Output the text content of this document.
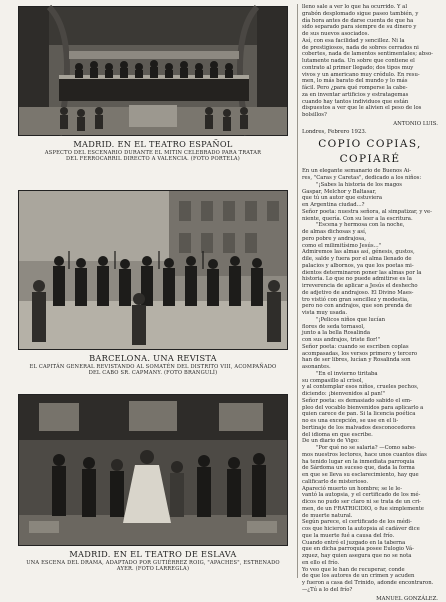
MADRID. EN EL TEATRO ESPAÑOL
ASPECTO DEL ESCENARIO DURANTE EL MITIN CELEBRADO PARA TRATAR
DEL FERROCARRIL DIRECTO A VALENCIA. (FOTO PORTELA)
BARCELONA. UNA REVISTA
EL CAPITÁN GENERAL REVISTANDO AL SOMATÉN DEL DISTRITO VIII, ACOMPAÑADO
DEL CABO SR. CAPMANY. (FOTO BRANGULÍ)
MADRID. EN EL TEATRO DE ESLAVA
UNA ESCENA DEL DRAMA, ADAPTADO POR GUTIÉRREZ ROIG, "APACHES", ESTRENADO
AYER. (FOTO LARREGLA)
lleno sale a ver lo que ha ocurrido. Y al
grabón desplomado sigue paseo también, y
día hora antes de darse cuenta de que ha
sido separado para siempre de su dinero y
de sus nuevos asociados.
Así, con esa facilidad y sencillez. Ni la
de prestigiosos, nada de sobres cerrados ni
cobertes, nada de lamentos sentimentales; abso-
lutamente nada. Un sobre que contiene el
contrato al primer llegado; dos tipos muy
vivos y un americano muy crédulo. En resu-
men, lo más barato del mundo y lo más
fácil. Pero ¿para qué romperse la cabe-
za en inventar artificios y estratagemas
cuando hay tantos individuos que están
dispuestos a ver que le alivien el peso de los
bolsillos?
ANTONIO LUIS.
Londres, Febrero 1923.
COPIO COPIAS,
COPIARÉ
En un elegante semanario de Buenos Ai-
res, "Caras y Caretas", dedicado a los niños:
"¡Sabes la historia de los magos
Gaspar, Melchor y Baltasar,
que tú un autor que estuviera
en Argentina ciudad...?
Señor poeta: nuestra señora, al simpatizar, y ve-
niente, quería. Con su leer a la escritura.
"Escena y hermosa con la noche,
de almas dichosas y así,
pero pobre y andrajosa,
como el milimitísimo Jesús..."
Admiremos las almas así, génesis, gustos,
dile, salde y fuera por el alma llenado de
palacios y albornos, ya que los poetas mi-
dientos determinaron poner las almas por la
historia. Lo que no puede admitirse es la
irreverencia de aplicar a Jesús el deshecho
de adjetivo de andrajoso. El Divino Maes-
tro vistió con gran sencillez y modestia,
pero no con andrajos, que son prenda de
vista muy usada.
"¡Pelicos niños que lucían
flores de seda tornasol,
junto a la bella Rosalinda
con sus andrajos, triste flor!"
Señor poeta: cuando se escriben coplas
acompasadas, los versos primero y tercero
han de ser libres, lucían y Rosalinda son
asonantes.
"En el invierno tiritaba
su compasillo al crisol,
y al contemplar esos niños, crueles pechos,
diciendo: ¡bienvenidos al pan!"
Señor poeta: es demasiado sabido el em-
pleo del vocablo bienvenidos para aplicarlo a
quien carece de pan. Si la licencia poética
no es una excepción, se use en el li-
bertinaje de los malvados desconocedores
del idioma en que escribe.
De un diario de Vigo:
"Por qué no se salaria? —Como sabe-
mos nuestros lectores, hace unos cuantos días
ha tenido lugar en la inmediata parroquia
de Sárdoma un suceso que, dada la forma
en que se lleva su esclarecimiento, hay que
calificarlo de misterioso.
Apareció muerto un hombre; se le le-
vantó la autopsia, y el certificado de los mé-
dicos no pudo ser claro ni se trata de un cri-
men, de un FRATRICIDIO, o fue simplemente
de muerte natural.
Según parece, el certificado de los médi-
cos que hicieron la autopsia al cadáver dice
que la muerte fué a causa del frío.
Cuando entró el juzgado en la taberna
que en dicha parroquia posee Eulogio Vá-
zquez, hay quien asegura que no se nota
en ello el frío.
Yo veo que le han de recuperar, conde
de que los autores de un crimen y acuden
y fueron a casa del Trinido, adonde encontraron.
—¿Tú a lo del frío?
MANUEL GONZÁLEZ.
